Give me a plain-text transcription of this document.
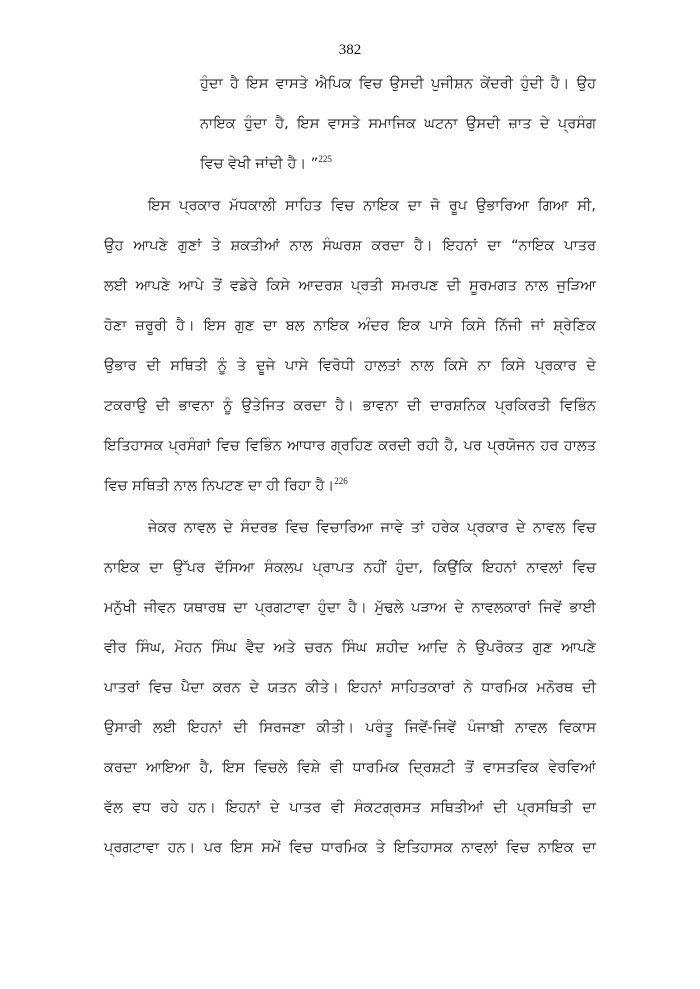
382
ਹੁੰਦਾ ਹੈ ਇਸ ਵਾਸਤੇ ਐਪਿਕ ਵਿਚ ਉਸਦੀ ਪੁਜੀਸ਼ਨ ਕੇਂਦਰੀ ਹੁੰਦੀ ਹੈ। ਉਹ
ਨਾਇਕ ਹੁੰਦਾ ਹੈ, ਇਸ ਵਾਸਤੇ ਸਮਾਜਿਕ ਘਟਨਾ ਉਸਦੀ ਜ਼ਾਤ ਦੇ ਪ੍ਰਸੰਗ
ਵਿਚ ਵੇਖੀ ਜਾਂਦੀ ਹੈ। ”$^{225}$
ਇਸ ਪ੍ਰਕਾਰ ਮੱਧਕਾਲੀ ਸਾਹਿਤ ਵਿਚ ਨਾਇਕ ਦਾ ਜੋ ਰੂਪ ਉਭਾਰਿਆ ਗਿਆ ਸੀ,
ਉਹ ਆਪਣੇ ਗੁਣਾਂ ਤੇ ਸ਼ਕਤੀਆਂ ਨਾਲ ਸੰਘਰਸ਼ ਕਰਦਾ ਹੈ। ਇਹਨਾਂ ਦਾ “ਨਾਇਕ ਪਾਤਰ
ਲਈ ਆਪਣੇ ਆਪੇ ਤੋਂ ਵਡੇਰੇ ਕਿਸੇ ਆਦਰਸ਼ ਪ੍ਰਤੀ ਸਮਰਪਣ ਦੀ ਸੂਰਮਗਤ ਨਾਲ ਜੁੜਿਆ
ਹੋਣਾ ਜ਼ਰੂਰੀ ਹੈ। ਇਸ ਗੁਣ ਦਾ ਬਲ ਨਾਇਕ ਅੰਦਰ ਇਕ ਪਾਸੇ ਕਿਸੇ ਨਿੱਜੀ ਜਾਂ ਸ਼੍ਰੇਣਿਕ
ਉਭਾਰ ਦੀ ਸਥਿਤੀ ਨੂੰ ਤੇ ਦੂਜੇ ਪਾਸੇ ਵਿਰੋਧੀ ਹਾਲਤਾਂ ਨਾਲ ਕਿਸੇ ਨਾ ਕਿਸੇ ਪ੍ਰਕਾਰ ਦੇ
ਟਕਰਾਉ ਦੀ ਭਾਵਨਾ ਨੂੰ ਉਤੇਜਿਤ ਕਰਦਾ ਹੈ। ਭਾਵਨਾ ਦੀ ਦਾਰਸ਼ਨਿਕ ਪ੍ਰਕਿਰਤੀ ਵਿਭਿੰਨ
ਇਤਿਹਾਸਕ ਪ੍ਰਸੰਗਾਂ ਵਿਚ ਵਿਭਿੰਨ ਆਧਾਰ ਗ੍ਰਹਿਣ ਕਰਦੀ ਰਹੀ ਹੈ, ਪਰ ਪ੍ਰਯੋਜਨ ਹਰ ਹਾਲਤ
ਵਿਚ ਸਥਿਤੀ ਨਾਲ ਨਿਪਟਣ ਦਾ ਹੀ ਰਿਹਾ ਹੈ।$^{226}$
ਜੇਕਰ ਨਾਵਲ ਦੇ ਸੰਦਰਭ ਵਿਚ ਵਿਚਾਰਿਆ ਜਾਵੇ ਤਾਂ ਹਰੇਕ ਪ੍ਰਕਾਰ ਦੇ ਨਾਵਲ ਵਿਚ
ਨਾਇਕ ਦਾ ਉੱਪਰ ਦੱਸਿਆ ਸੰਕਲਪ ਪ੍ਰਾਪਤ ਨਹੀਂ ਹੁੰਦਾ, ਕਿਉਂਕਿ ਇਹਨਾਂ ਨਾਵਲਾਂ ਵਿਚ
ਮਨੁੱਖੀ ਜੀਵਨ ਯਥਾਰਥ ਦਾ ਪ੍ਰਗਟਾਵਾ ਹੁੰਦਾ ਹੈ। ਮੁੱਢਲੇ ਪੜਾਅ ਦੇ ਨਾਵਲਕਾਰਾਂ ਜਿਵੇਂ ਭਾਈ
ਵੀਰ ਸਿੰਘ, ਮੋਹਨ ਸਿੰਘ ਵੈਦ ਅਤੇ ਚਰਨ ਸਿੰਘ ਸ਼ਹੀਦ ਆਦਿ ਨੇ ਉਪਰੋਕਤ ਗੁਣ ਆਪਣੇ
ਪਾਤਰਾਂ ਵਿਚ ਪੈਦਾ ਕਰਨ ਦੇ ਯਤਨ ਕੀਤੇ। ਇਹਨਾਂ ਸਾਹਿਤਕਾਰਾਂ ਨੇ ਧਾਰਮਿਕ ਮਨੋਰਥ ਦੀ
ਉਸਾਰੀ ਲਈ ਇਹਨਾਂ ਦੀ ਸਿਰਜਣਾ ਕੀਤੀ। ਪਰੰਤੂ ਜਿਵੇਂ-ਜਿਵੇਂ ਪੰਜਾਬੀ ਨਾਵਲ ਵਿਕਾਸ
ਕਰਦਾ ਆਇਆ ਹੈ, ਇਸ ਵਿਚਲੇ ਵਿਸ਼ੇ ਵੀ ਧਾਰਮਿਕ ਦ੍ਰਿਸ਼ਟੀ ਤੋਂ ਵਾਸਤਵਿਕ ਵੇਰਵਿਆਂ
ਵੱਲ ਵਧ ਰਹੇ ਹਨ। ਇਹਨਾਂ ਦੇ ਪਾਤਰ ਵੀ ਸੰਕਟਗ੍ਰਸਤ ਸਥਿਤੀਆਂ ਦੀ ਪ੍ਰਸਥਿਤੀ ਦਾ
ਪ੍ਰਗਟਾਵਾ ਹਨ। ਪਰ ਇਸ ਸਮੇਂ ਵਿਚ ਧਾਰਮਿਕ ਤੇ ਇਤਿਹਾਸਕ ਨਾਵਲਾਂ ਵਿਚ ਨਾਇਕ ਦਾ
